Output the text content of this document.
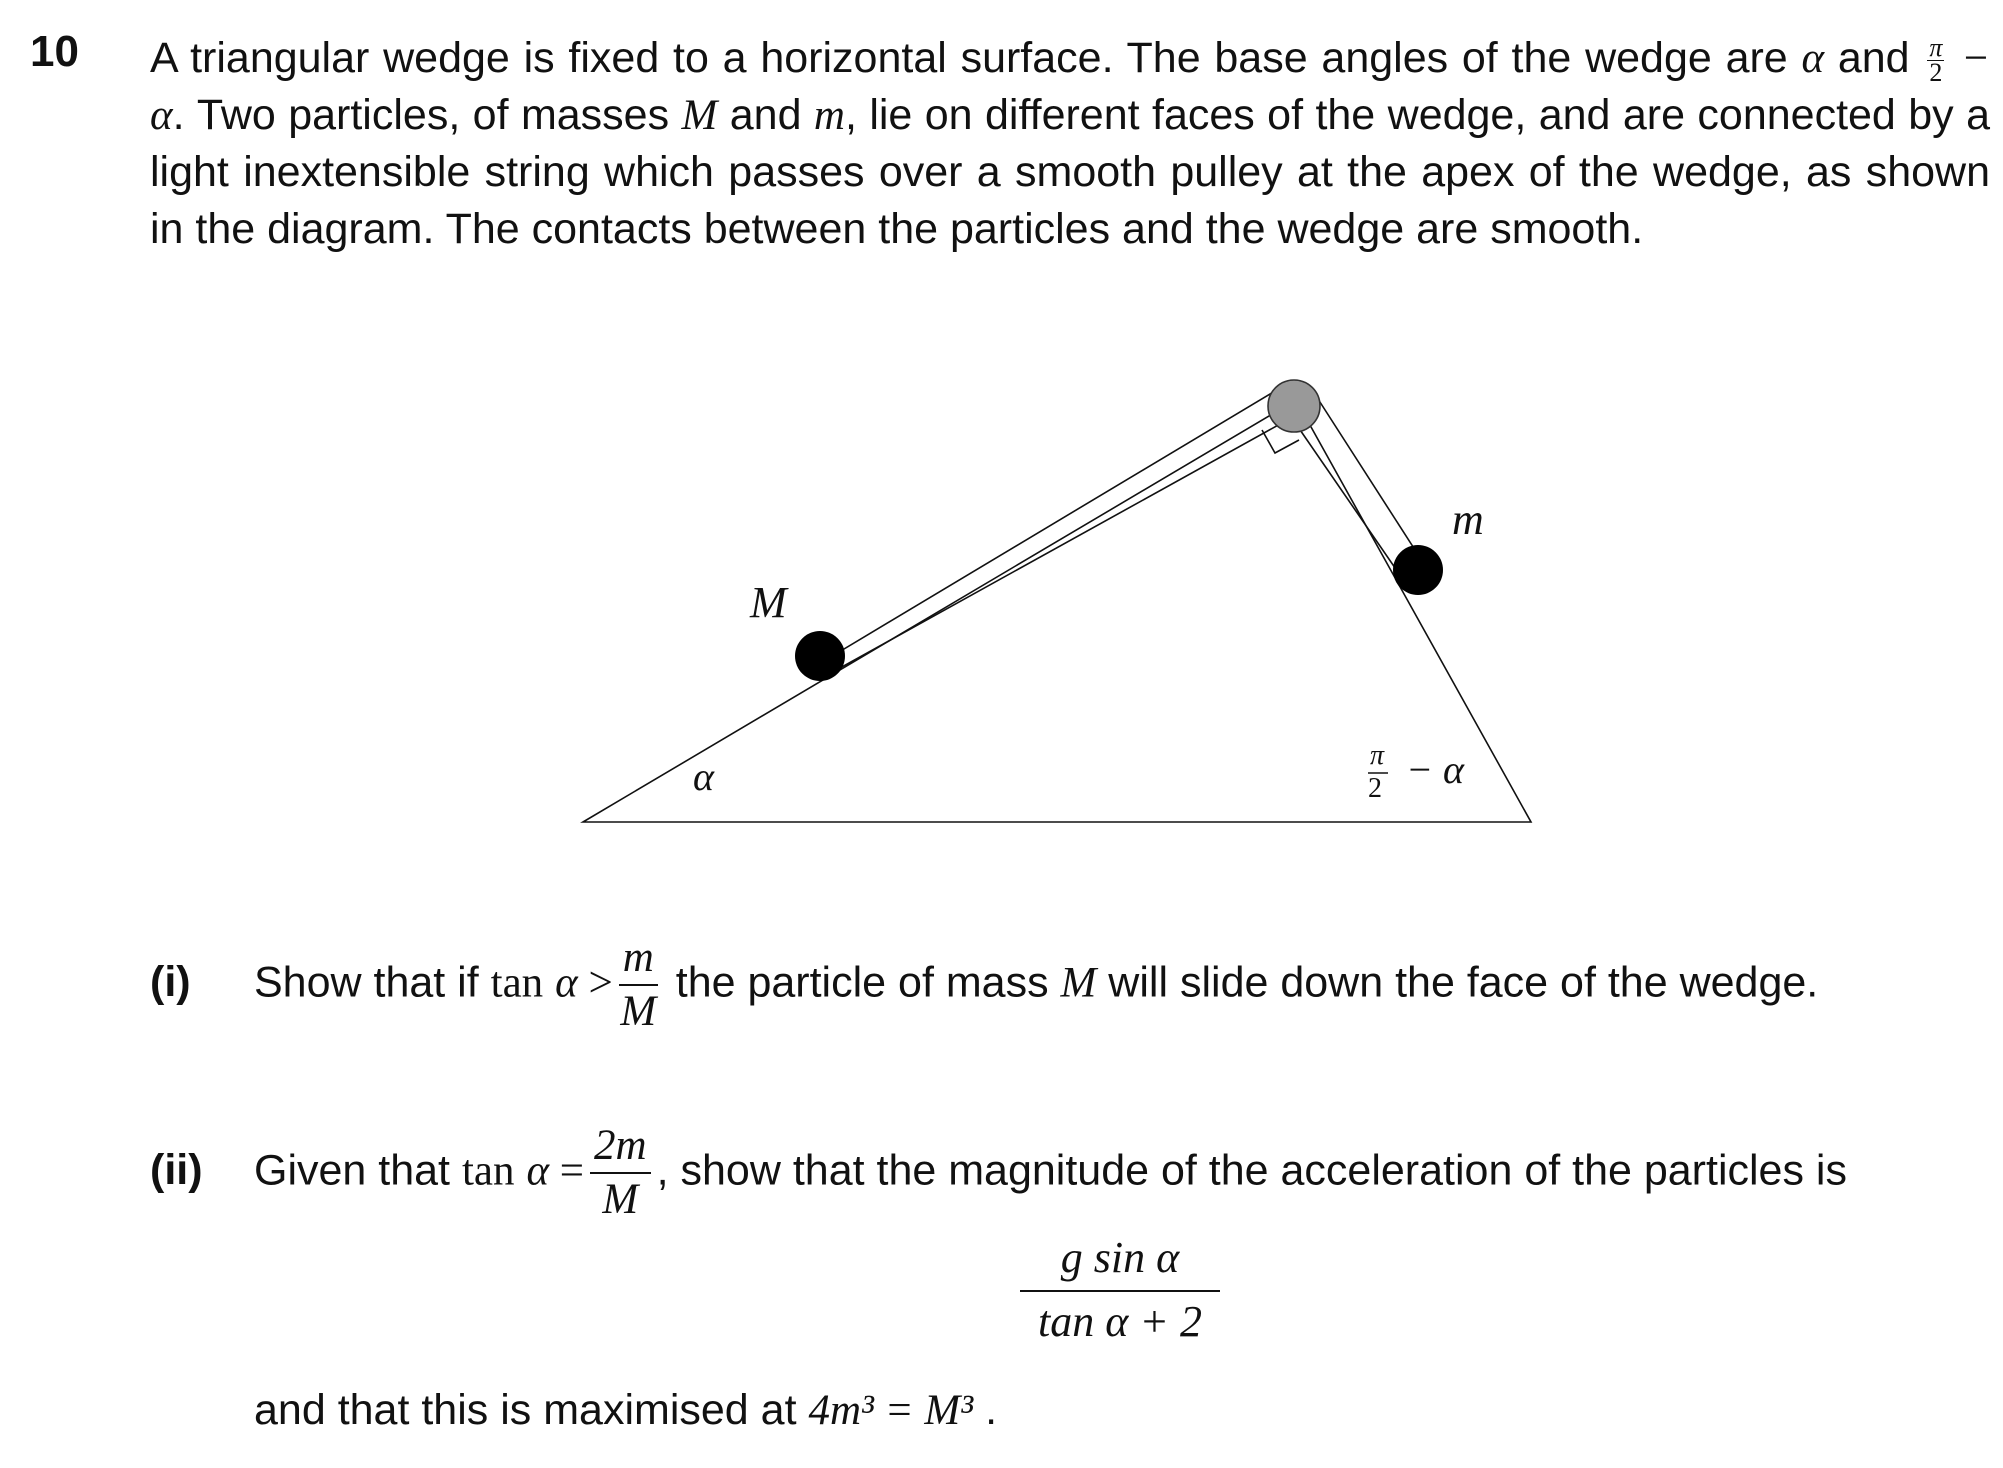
10 A triangular wedge is fixed to a horizontal surface. The base angles of the wedge are α and $\frac{\pi}{2} - \alpha$. Two particles, of masses M and m, lie on different faces of the wedge, and are connected by a light inextensible string which passes over a smooth pulley at the apex of the wedge, as shown in the diagram. The contacts between the particles and the wedge are smooth.
M
m
α	π
2 − α
(i) Show that if $\tan \alpha > \frac{m}{M}$ the particle of mass M will slide down the face of the wedge.
(ii) Given that $\tan \alpha = \frac{2m}{M}$ , show that the magnitude of the acceleration of the particles is
$\frac{\text{g sin α}}{\text{tan α + 2}}$
and that this is maximised at 4m³ = M³ .
